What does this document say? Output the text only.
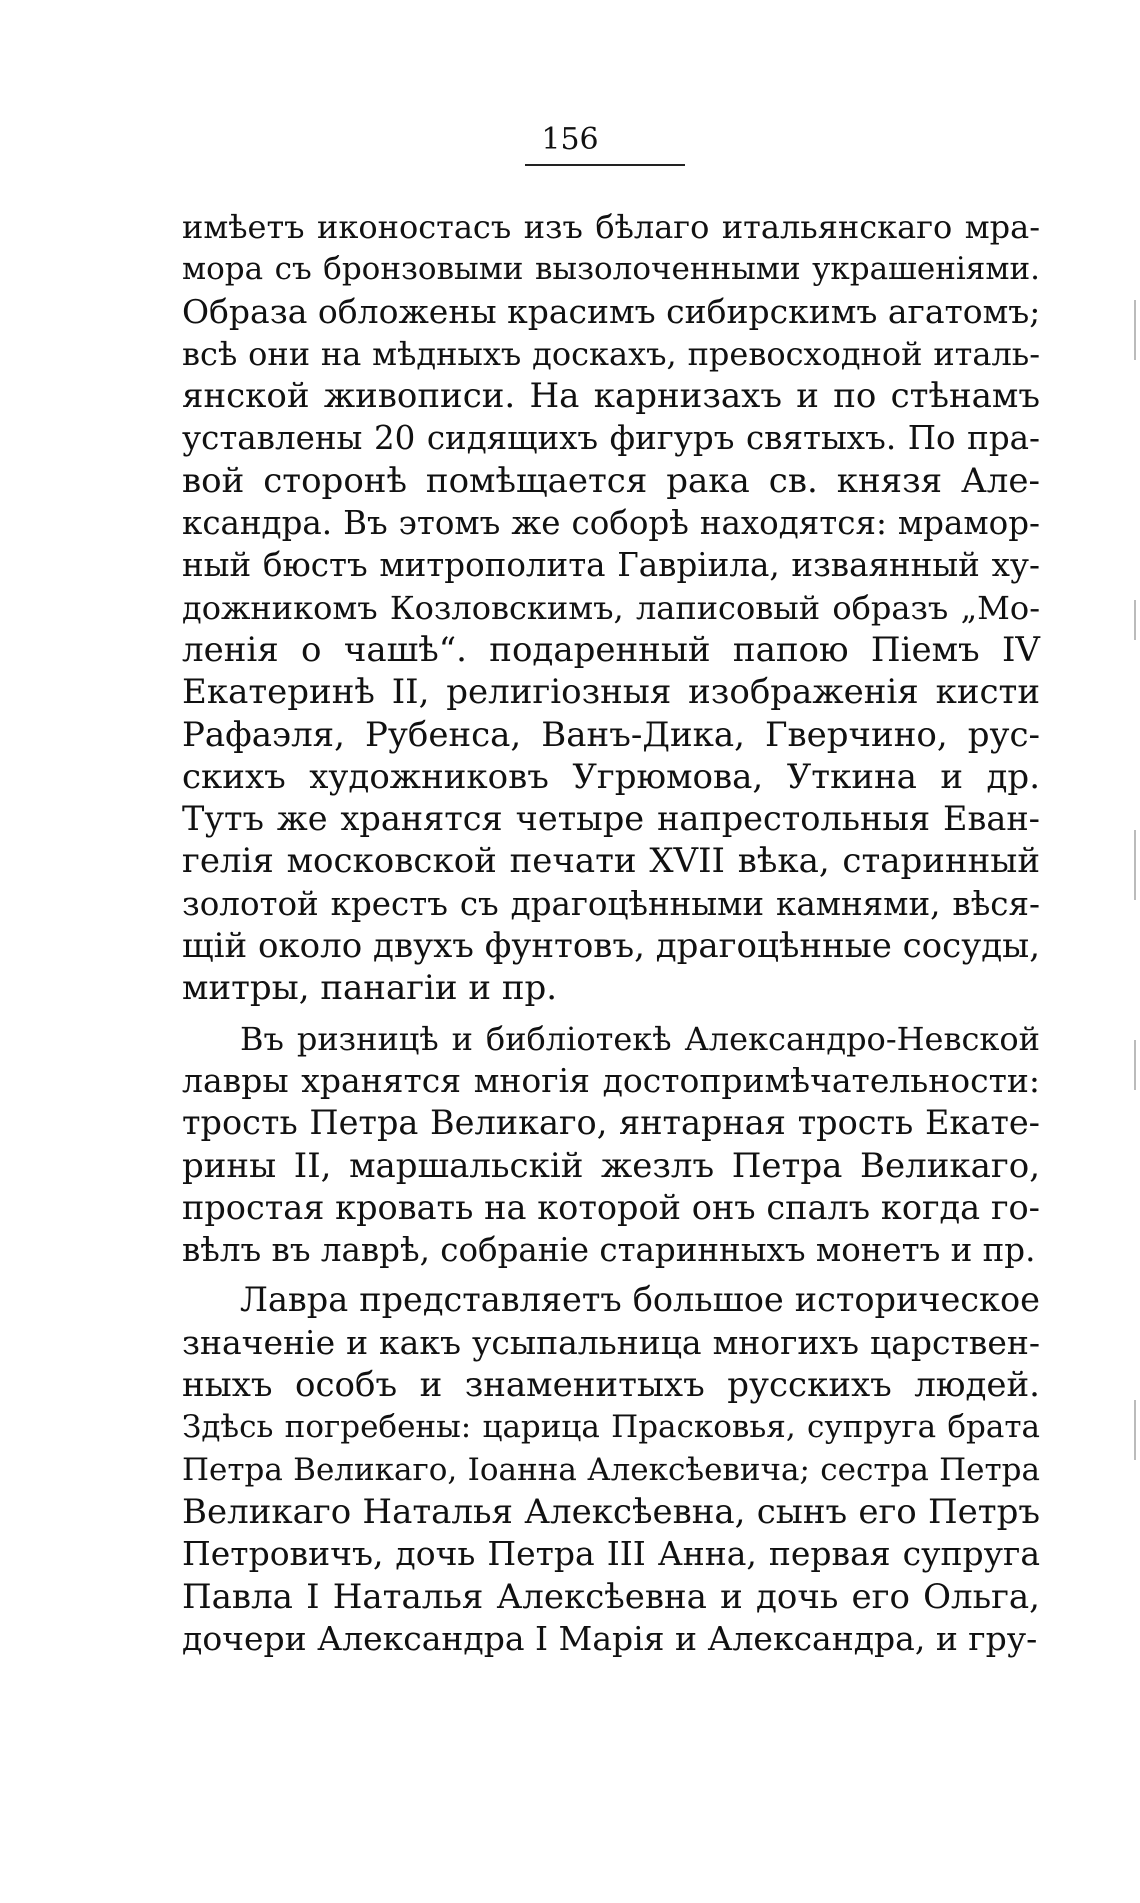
156
имѣетъ иконостасъ изъ бѣлаго итальянскаго мра-
мора съ бронзовыми вызолоченными украшеніями.
Образа обложены красимъ сибирскимъ агатомъ;
всѣ они на мѣдныхъ доскахъ, превосходной италь-
янской живописи. На карнизахъ и по стѣнамъ
уставлены 20 сидящихъ фигуръ святыхъ. По пра-
вой сторонѣ помѣщается рака св. князя Але-
ксандра. Въ этомъ же соборѣ находятся: мрамор-
ный бюстъ митрополита Гавріила, изваянный ху-
дожникомъ Козловскимъ, лаписовый образъ „Мо-
ленія о чашѣ“. подаренный папою Піемъ IV
Екатеринѣ II, религіозныя изображенія кисти
Рафаэля, Рубенса, Ванъ-Дика, Гверчино, рус-
скихъ художниковъ Угрюмова, Уткина и др.
Тутъ же хранятся четыре напрестольныя Еван-
гелія московской печати XVII вѣка, старинный
золотой крестъ съ драгоцѣнными камнями, вѣся-
щій около двухъ фунтовъ, драгоцѣнные сосуды,
митры, панагіи и пр.
Въ ризницѣ и библіотекѣ Александро-Невской
лавры хранятся многія достопримѣчательности:
трость Петра Великаго, янтарная трость Екате-
рины II, маршальскій жезлъ Петра Великаго,
простая кровать на которой онъ спалъ когда го-
вѣлъ въ лаврѣ, собраніе старинныхъ монетъ и пр.
Лавра представляетъ большое историческое
значеніе и какъ усыпальница многихъ царствен-
ныхъ особъ и знаменитыхъ русскихъ людей.
Здѣсь погребены: царица Прасковья, супруга брата
Петра Великаго, Іоанна Алексѣевича; сестра Петра
Великаго Наталья Алексѣевна, сынъ его Петръ
Петровичъ, дочь Петра III Анна, первая супруга
Павла I Наталья Алексѣевна и дочь его Ольга,
дочери Александра I Марія и Александра, и гру-
